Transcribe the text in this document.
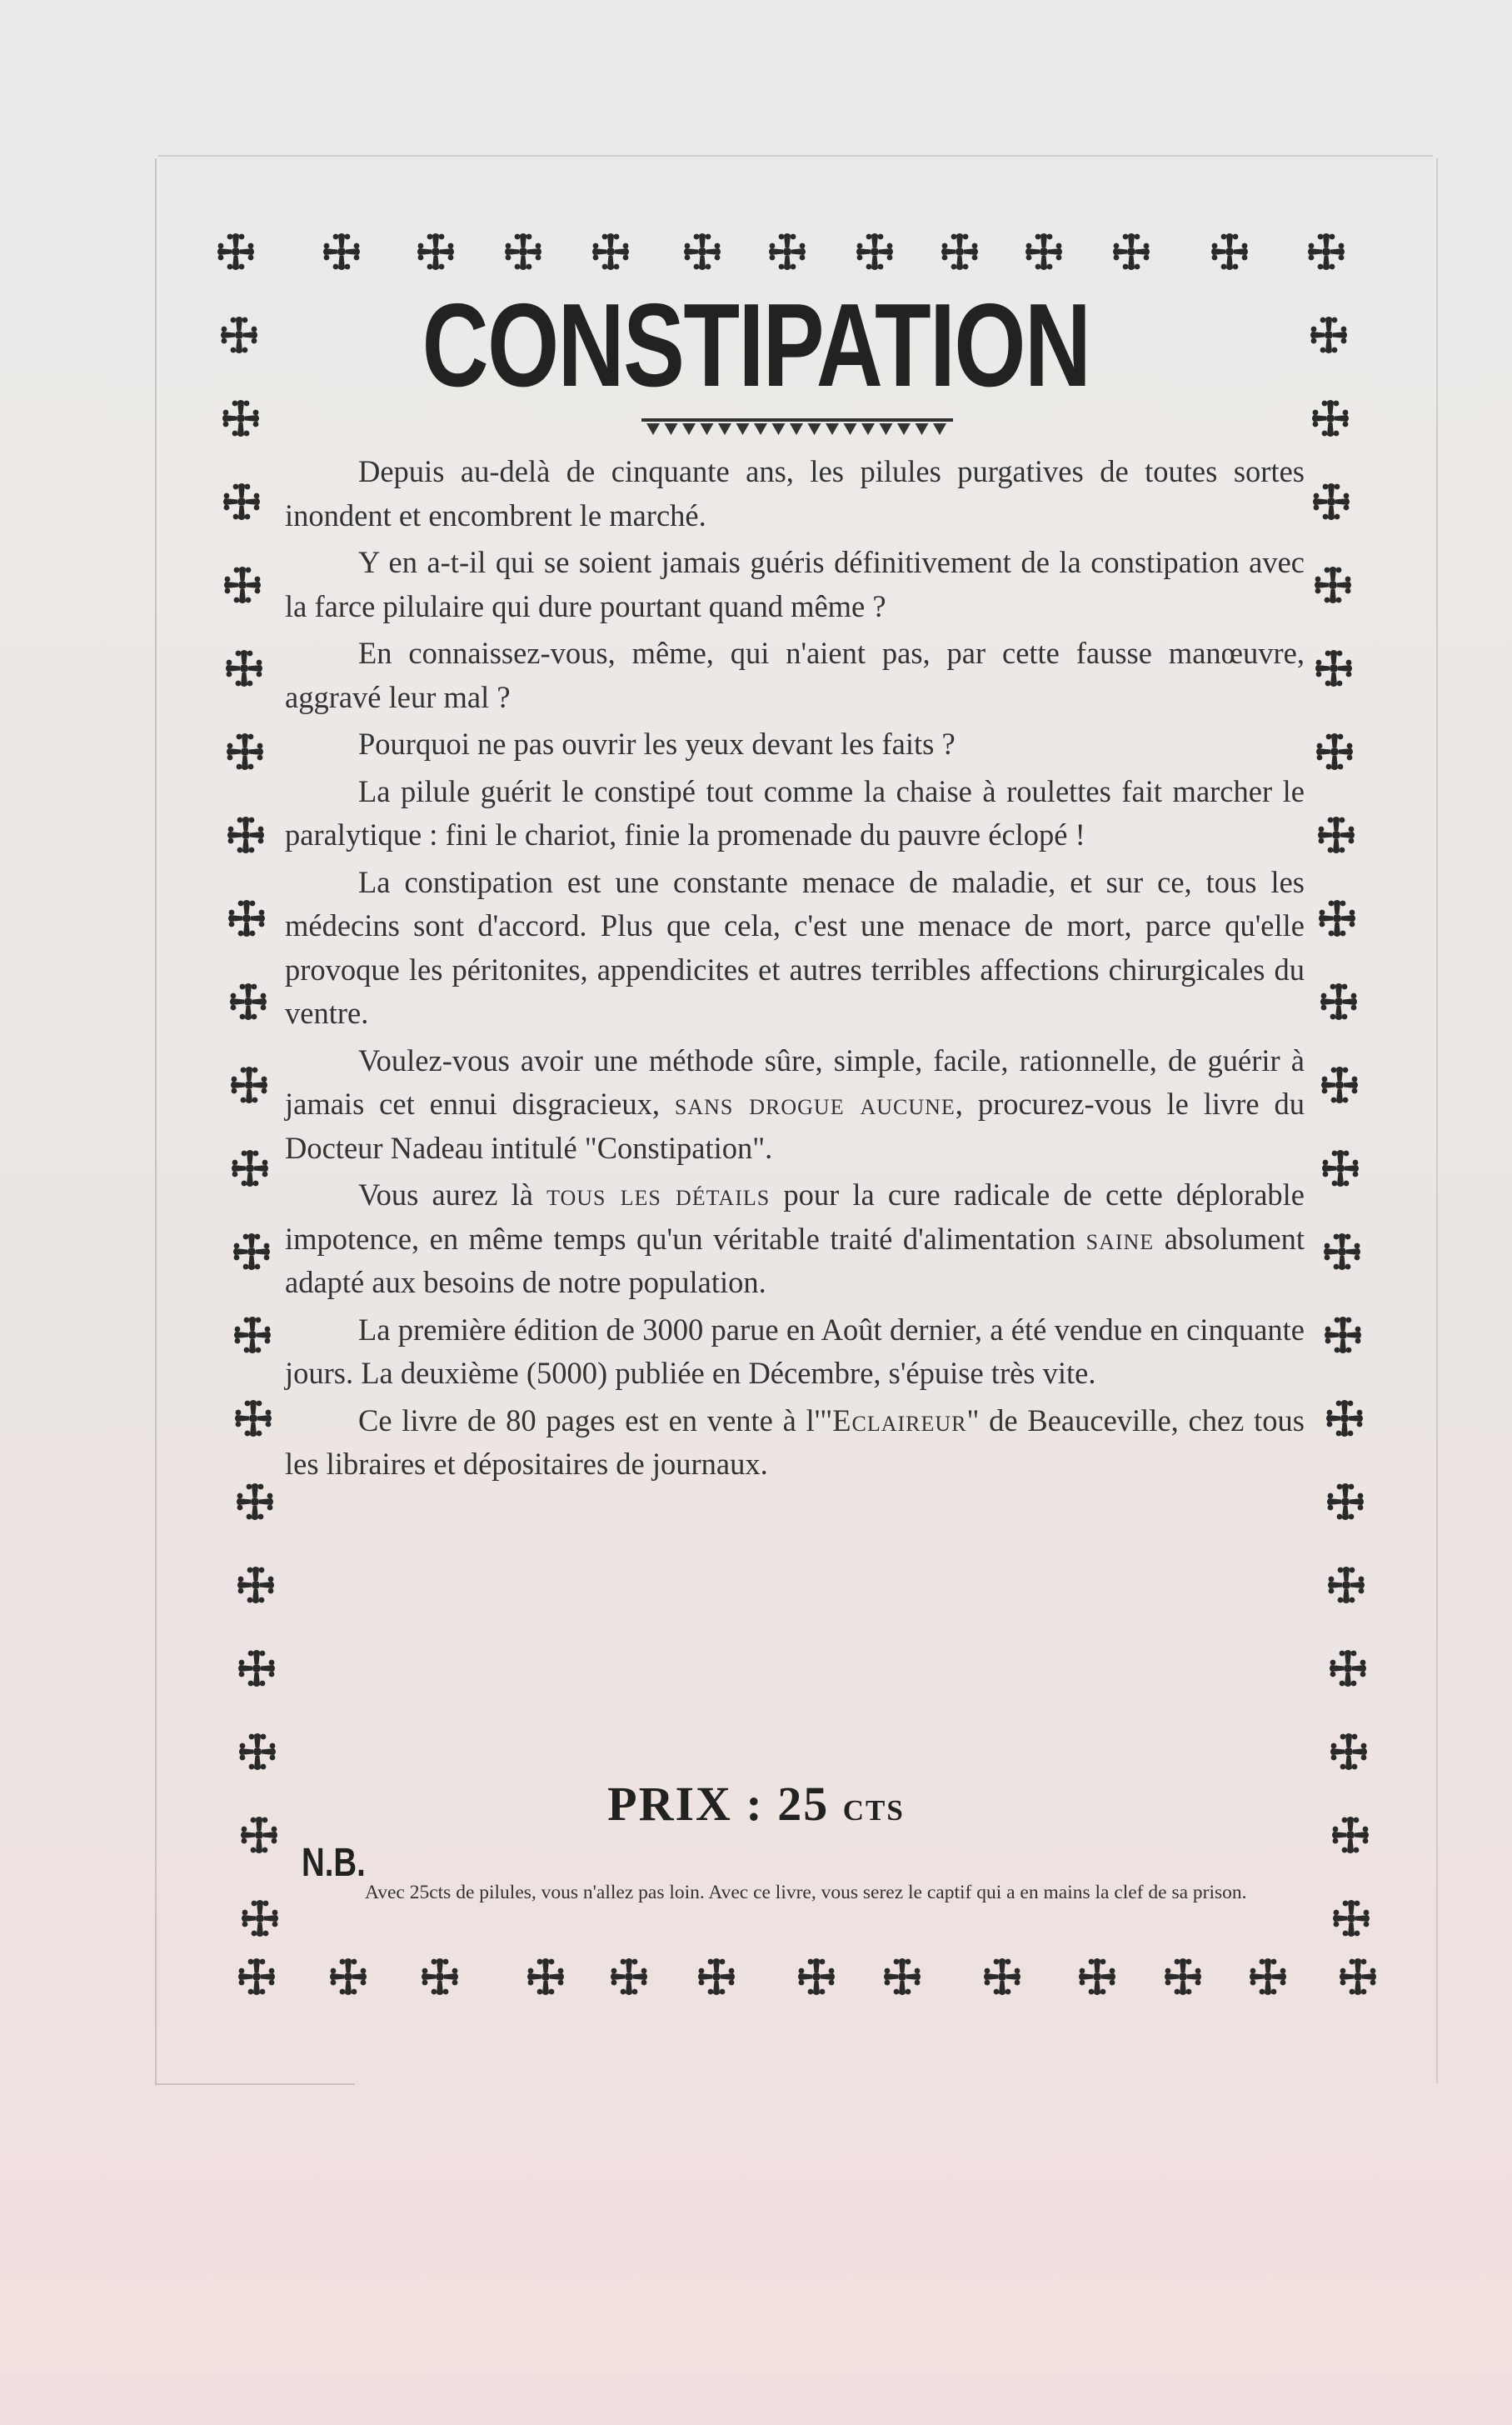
CONSTIPATION

Depuis au-delà de cinquante ans, les pilules purgatives de toutes sortes inondent et encombrent le marché.

Y en a-t-il qui se soient jamais guéris définitivement de la constipation avec la farce pilulaire qui dure pourtant quand même ?

En connaissez-vous, même, qui n'aient pas, par cette fausse manœuvre, aggravé leur mal ?

Pourquoi ne pas ouvrir les yeux devant les faits ?

La pilule guérit le constipé tout comme la chaise à roulettes fait marcher le paralytique : fini le chariot, finie la promenade du pauvre éclopé !

La constipation est une constante menace de maladie, et sur ce, tous les médecins sont d'accord. Plus que cela, c'est une menace de mort, parce qu'elle provoque les péritonites, appendicites et autres terribles affections chirurgicales du ventre.

Voulez-vous avoir une méthode sûre, simple, facile, rationnelle, de guérir à jamais cet ennui disgracieux, sans drogue aucune, procurez-vous le livre du Docteur Nadeau intitulé "Constipation".

Vous aurez là tous les détails pour la cure radicale de cette déplorable impotence, en même temps qu'un véritable traité d'alimentation saine absolument adapté aux besoins de notre population.

La première édition de 3000 parue en Août dernier, a été vendue en cinquante jours. La deuxième (5000) publiée en Décembre, s'épuise très vite.

Ce livre de 80 pages est en vente à l'"Eclaireur" de Beauceville, chez tous les libraires et dépositaires de journaux.

PRIX : 25 cts
N.B.
Avec 25cts de pilules, vous n'allez pas loin. Avec ce livre, vous serez le captif qui a en mains la clef de sa prison.
